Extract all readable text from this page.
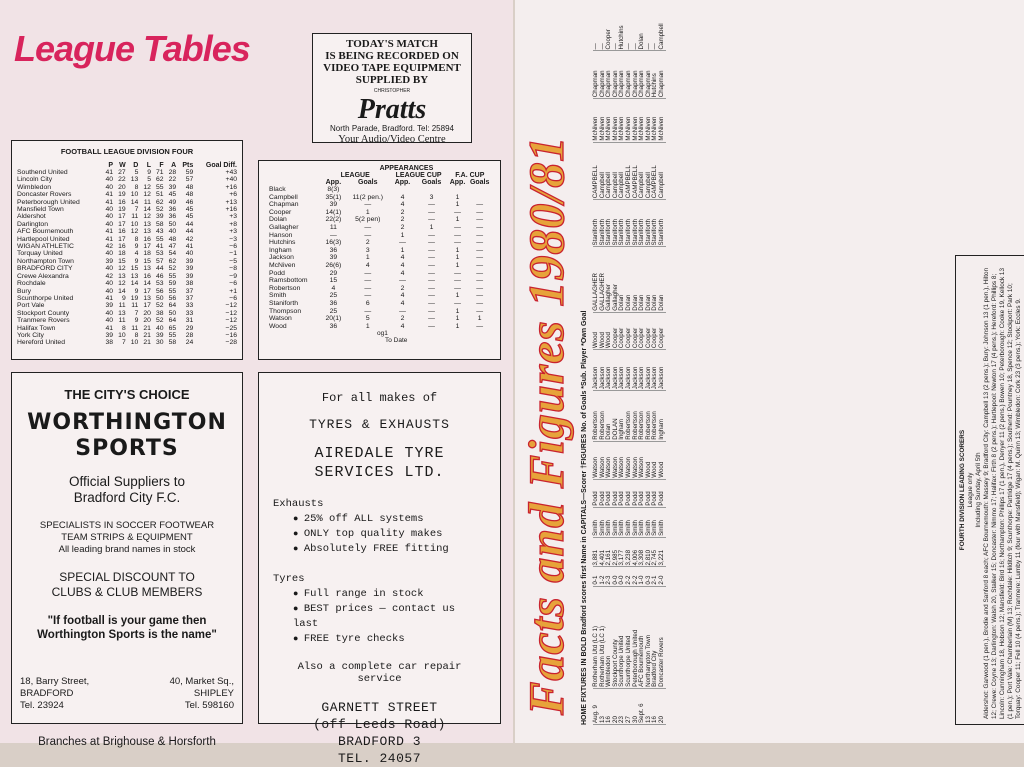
League Tables	TODAY'S MATCH
IS BEING RECORDED ON
VIDEO TAPE EQUIPMENT
SUPPLIED BY
CHRISTOPHER
Pratts
North Parade, Bradford. Tel: 25894
Your Audio/Video Centre
FOOTBALL LEAGUE DIVISION FOUR
	P	W	D	L	F	A	Pts	Goal Diff.
Southend United	41	27	5	9	71	28	59	+43
Lincoln City	40	22	13	5	62	22	57	+40
Wimbledon	40	20	8	12	55	39	48	+16
Doncaster Rovers	41	19	10	12	51	45	48	+6
Peterborough United	41	16	14	11	62	49	46	+13
Mansfield Town	40	19	7	14	52	36	45	+16
Aldershot	40	17	11	12	39	36	45	+3
Darlington	40	17	10	13	58	50	44	+8
AFC Bournemouth	41	16	12	13	43	40	44	+3
Hartlepool United	41	17	8	16	55	48	42	−3
WIGAN ATHLETIC	42	16	9	17	41	47	41	−6
Torquay United	40	18	4	18	53	54	40	−1
Northampton Town	39	15	9	15	57	62	39	−5
BRADFORD CITY	40	12	15	13	44	52	39	−8
Crewe Alexandra	42	13	13	16	46	55	39	−9
Rochdale	40	12	14	14	53	59	38	−6
Bury	40	14	9	17	56	55	37	+1
Scunthorpe United	41	9	19	13	50	56	37	−6
Port Vale	39	11	11	17	52	64	33	−12
Stockport County	40	13	7	20	38	50	33	−12
Tranmere Rovers	40	11	9	20	52	64	31	−12
Halifax Town	41	8	11	21	40	65	29	−25
York City	39	10	8	21	39	55	28	−16
Hereford United	38	7	10	21	30	58	24	−28
	APPEARANCES					
	LEAGUE		LEAGUE CUP		F.A. CUP	
	App.	Goals	App.	Goals	App.	Goals
Black	8(3)					
Campbell	35(1)	11(2 pen.)	4	3	1	
Chapman	39	—	4	—	1	—
Cooper	14(1)	1	2	—	—	—
Dolan	22(2)	5(2 pen)	2	—	1	—
Gallagher	11	—	2	1	—	—
Hanson	—	—	1	—	—	—
Hutchins	16(3)	2	—	—	—	—
Ingham	36	3	1	—	1	—
Jackson	39	1	4	—	1	—
McNiven	26(6)	4	4	—	1	—
Podd	29	—	4	—	—	—
Ramsbottom	15	—	—	—	—	—
Robertson	4	—	2	—	—	—
Smith	25	—	4	—	1	—
Staniforth	36	6	4	—	—	—
Thompson	25	—	—	—	1	—
Watson	20(1)	5	2	—	1	1
Wood	36	1	4	—	1	—
og1
To Date
THE CITY'S CHOICE
WORTHINGTON
SPORTS
Official Suppliers to
Bradford City F.C.
SPECIALISTS IN SOCCER FOOTWEAR
TEAM STRIPS & EQUIPMENT
All leading brand names in stock
SPECIAL DISCOUNT TO
CLUBS & CLUB MEMBERS
"If football is your game then
Worthington Sports is the name"
18, Barry Street,
BRADFORD
Tel. 23924
40, Market Sq.,
SHIPLEY
Tel. 598160
Branches at Brighouse & Horsforth
For all makes of
TYRES & EXHAUSTS
AIREDALE TYRE
SERVICES LTD.
Exhausts
● 25% off ALL systems
● ONLY top quality makes
● Absolutely FREE fitting
Tyres
● Full range in stock
● BEST prices — contact us last
● FREE tyre checks
Also a complete car repair service
GARNETT STREET
(off Leeds Road)
BRADFORD 3
TEL. 24057
Facts and Figures 1980/81 HOME FIXTURES IN BOLD Bradford scores first Name in CAPITALS—Scorer †FIGURES No. of Goals *Sub. Player *Own Goal Aug. 9	Rotherham Utd (LC 1)	0-1	3,881	Smith	Podd	Watson	Robertson	Jackson	Wood	GALLAGHER	Staniforth	CAMPBELL	McNiven	Chapman	—
13	Rotherham Utd (LC 1)	1-2	4,401	Smith	Podd	Watson	Robertson	Jackson	Wood	GALLAGHER	Staniforth	Campbell	McNiven	Chapman	—
16	Wimbledon	2-3	2,161	Smith	Podd	Watson	Dolan	Jackson	Wood	Gallagher	Staniforth	Campbell	McNiven	Chapman	Cooper
20	Stockport County	0-0	2,985	Smith	Podd	Watson	DOLAN	Jackson	Cooper	Gallagher	Staniforth	Campbell	McNiven	Chapman	—
23	Scunthorpe United	0-0	3,177	Smith	Podd	Watson	Ingham	Jackson	Cooper	Dolan	Staniforth	Campbell	McNiven	Chapman	Hutchins
27	Scunthorpe United	2-2	3,238	Smith	Podd	Watson	Robertson	Jackson	Cooper	Dolan	Staniforth	CAMPBELL	McNiven	Chapman	—
30	Peterborough United	2-2	4,006	Smith	Podd	Watson	Robertson	Jackson	Cooper	Dolan	Staniforth	CAMPBELL	McNiven	Chapman	—
Sept. 6	AFC Bournemouth	1-0	3,308	Smith	Podd	Watson	Robertson	Jackson	Cooper	Dolan	Staniforth	Campbell	McNiven	Chapman	Dolan
13	Northampton Town	0-3	2,810	Smith	Podd	Wood	Robertson	Jackson	Cooper	Dolan	Staniforth	Campbell	McNiven	Chapman	—
16	Bradford City	2-1	2,745	Smith	Podd	Wood	Robertson	Jackson	Cooper	Dolan	Staniforth	CAMPBELL	McNiven	Hutchins	—
20	Doncaster Rovers	2-0	3,221	Smith	Podd	Wood	Ingham	Jackson	Cooper	Dolan	Staniforth	Campbell	McNiven	Chapman	Campbell
FOURTH DIVISION LEADING SCORERS League only Including Sunday, April 5th Aldershot: Garwood (1 pen.), Brodie and Sanford 8 each; AFC Bournemouth: Massey 9; Bradford City: Campbell 13 (2 pens.); Bury: Johnson 13 (1 pen.), Hilton 12; Crewe: Coyne 13; Darlington: Walsh 20, Stalker 15; Doncaster: Nimmo 17; Halifax: Firth 8 (2 pens.); Hartlepool: Newton 17 (4 pens.); Hereford: Phillips 8; Lincoln: Cunningham 18, Hobson 12; Mansfield: Bird 16; Northampton: Phillips 17 (1 pen.), Denyer 11 (2 pens.) Bowen 10; Peterborough: Cooke 19, Kellock 13 (1 pen.); Port Vale: Chamberlain (M) 13; Rochdale: Hilditch 9; Scunthorpe: Partridge 17 (4 pens.); Southend: Pountney 18, Spence 12; Stockport: Park 10; Torquay: Cooper 11; Fell 10 (4 pens.); Tranmere: Lumby 11 (four with Mansfield); Wigan: M. Quinn 13; Wimbledon: Cork 23 (3 pens.); York: Eccles 9.
